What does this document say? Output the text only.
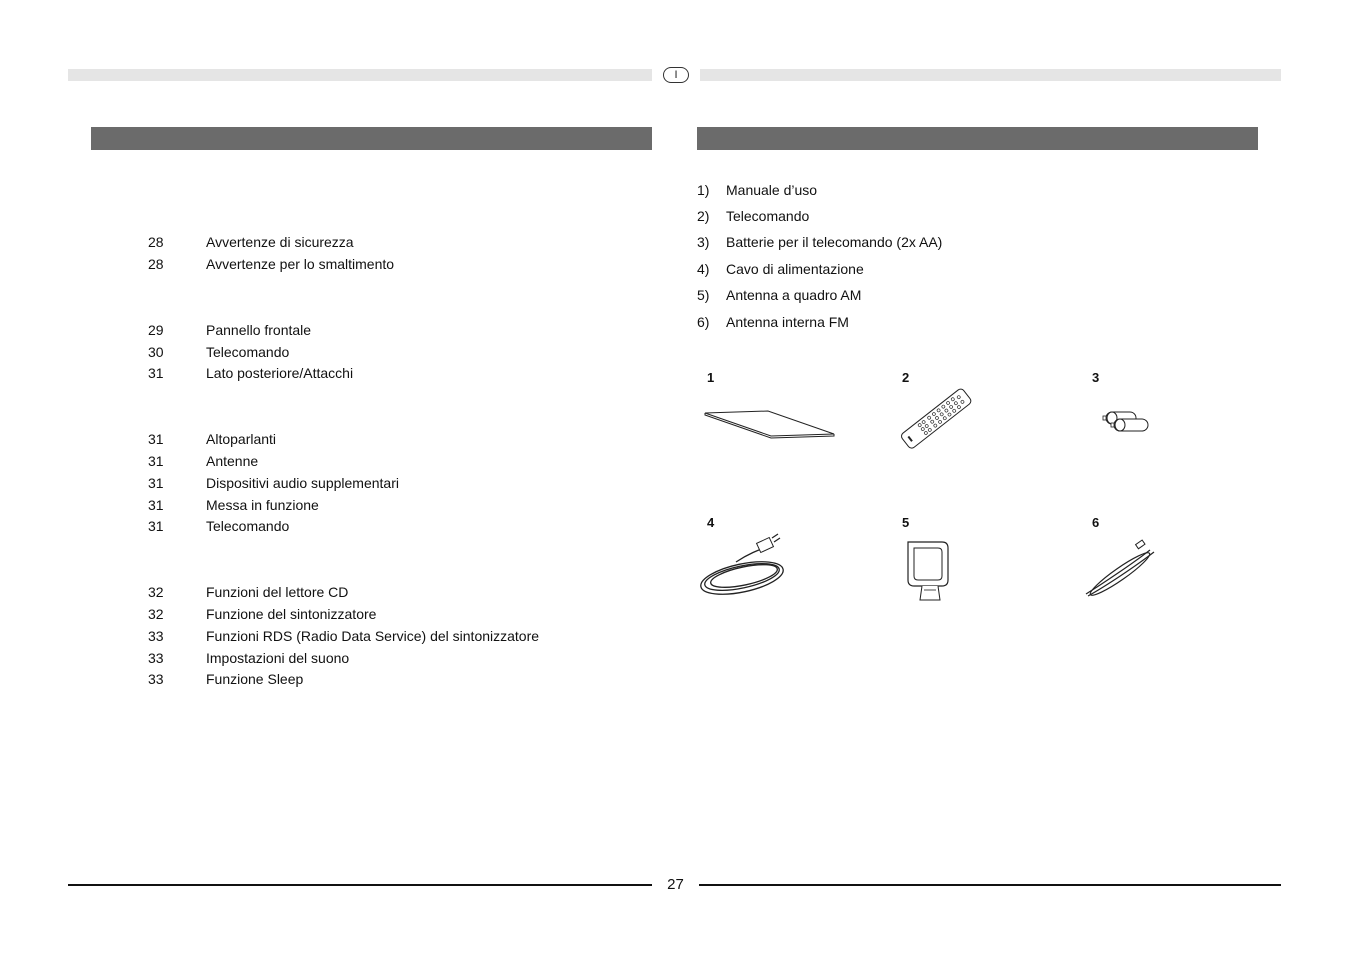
I
28	Avvertenze di sicurezza
28	Avvertenze per lo smaltimento
29	Pannello frontale
30	Telecomando
31	Lato posteriore/Attacchi
31	Altoparlanti
31	Antenne
31	Dispositivi audio supplementari
31	Messa in funzione
31	Telecomando
32	Funzioni del lettore CD
32	Funzione del sintonizzatore
33	Funzioni RDS (Radio Data Service) del sintonizzatore
33	Impostazioni del suono
33	Funzione Sleep
1) Manuale d’uso
2) Telecomando
3) Batterie per il telecomando (2x AA)
4) Cavo di alimentazione
5) Antenna a quadro AM
6) Antenna interna FM
1	2	3
4	5	6
27
